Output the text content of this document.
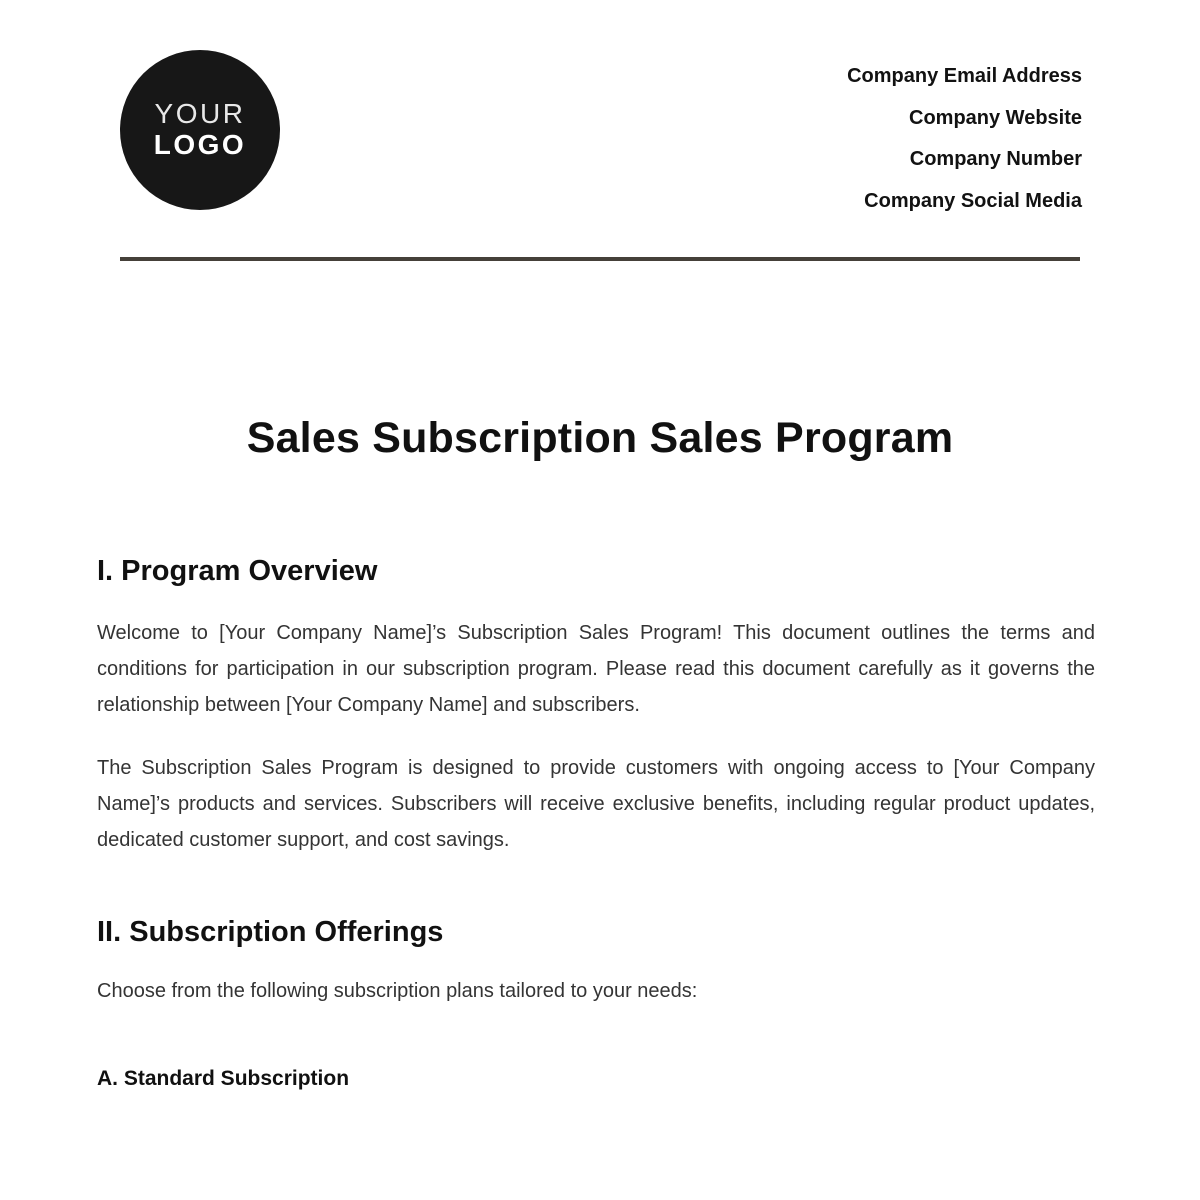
YOUR
LOGO
Company Email Address
Company Website
Company Number
Company Social Media
Sales Subscription Sales Program
I. Program Overview

Welcome to [Your Company Name]’s Subscription Sales Program! This document outlines the terms and conditions for participation in our subscription program. Please read this document carefully as it governs the relationship between [Your Company Name] and subscribers.

The Subscription Sales Program is designed to provide customers with ongoing access to [Your Company Name]’s products and services. Subscribers will receive exclusive benefits, including regular product updates, dedicated customer support, and cost savings.

II. Subscription Offerings

Choose from the following subscription plans tailored to your needs:

A. Standard Subscription
